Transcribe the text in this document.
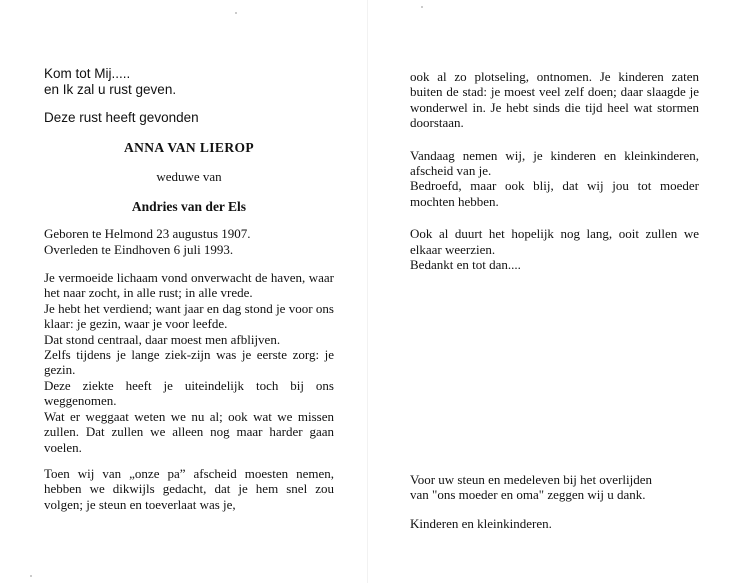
Kom tot Mij.....

en Ik zal u rust geven.

Deze rust heeft gevonden

ANNA VAN LIEROP

weduwe van

Andries van der Els

Geboren te Helmond 23 augustus 1907.

Overleden te Eindhoven 6 juli 1993.

Je vermoeide lichaam vond onverwacht de haven, waar het naar zocht, in alle rust; in alle vrede.

Je hebt het verdiend; want jaar en dag stond je voor ons klaar: je gezin, waar je voor leefde.

Dat stond centraal, daar moest men afblijven.

Zelfs tijdens je lange ziek-zijn was je eerste zorg: je gezin.

Deze ziekte heeft je uiteindelijk toch bij ons weggenomen.

Wat er weggaat weten we nu al; ook wat we missen zullen. Dat zullen we alleen nog maar harder gaan voelen.

Toen wij van „onze pa” afscheid moesten nemen, hebben we dikwijls gedacht, dat je hem snel zou volgen; je steun en toeverlaat was je,

ook al zo plotseling, ontnomen. Je kinderen zaten buiten de stad: je moest veel zelf doen; daar slaagde je wonderwel in. Je hebt sinds die tijd heel wat stormen doorstaan.

Vandaag nemen wij, je kinderen en kleinkinderen, afscheid van je.

Bedroefd, maar ook blij, dat wij jou tot moeder mochten hebben.

Ook al duurt het hopelijk nog lang, ooit zullen we elkaar weerzien.

Bedankt en tot dan....

Voor uw steun en medeleven bij het overlijden

van "ons moeder en oma" zeggen wij u dank.

Kinderen en kleinkinderen.
